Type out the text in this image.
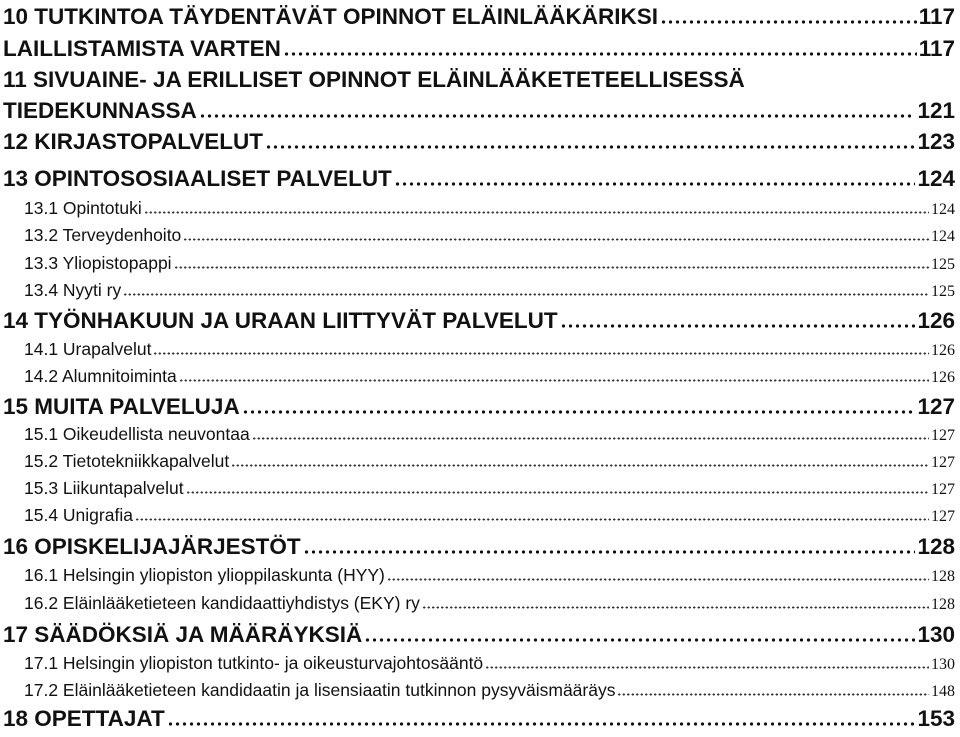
10 TUTKINTOA TÄYDENTÄVÄT OPINNOT ELÄINLÄÄKÄRIKSI	117
LAILLISTAMISTA VARTEN	117
11 SIVUAINE- JA ERILLISET OPINNOT ELÄINLÄÄKETETEELLISESSÄ
TIEDEKUNNASSA	121
12 KIRJASTOPALVELUT	123
13 OPINTOSOSIAALISET PALVELUT	124
13.1 Opintotuki	124
13.2 Terveydenhoito	124
13.3 Yliopistopappi	125
13.4 Nyyti ry	125
14 TYÖNHAKUUN JA URAAN LIITTYVÄT PALVELUT	126
14.1 Urapalvelut	126
14.2 Alumnitoiminta	126
15 MUITA PALVELUJA	127
15.1 Oikeudellista neuvontaa	127
15.2 Tietotekniikkapalvelut	127
15.3 Liikuntapalvelut	127
15.4 Unigrafia	127
16 OPISKELIJAJÄRJESTÖT	128
16.1 Helsingin yliopiston ylioppilaskunta (HYY)	128
16.2 Eläinlääketieteen kandidaattiyhdistys (EKY) ry	128
17 SÄÄDÖKSIÄ JA MÄÄRÄYKSIÄ	130
17.1 Helsingin yliopiston tutkinto- ja oikeusturvajohtosääntö	130
17.2 Eläinlääketieteen kandidaatin ja lisensiaatin tutkinnon pysyväismääräys	148
18 OPETTAJAT	153
